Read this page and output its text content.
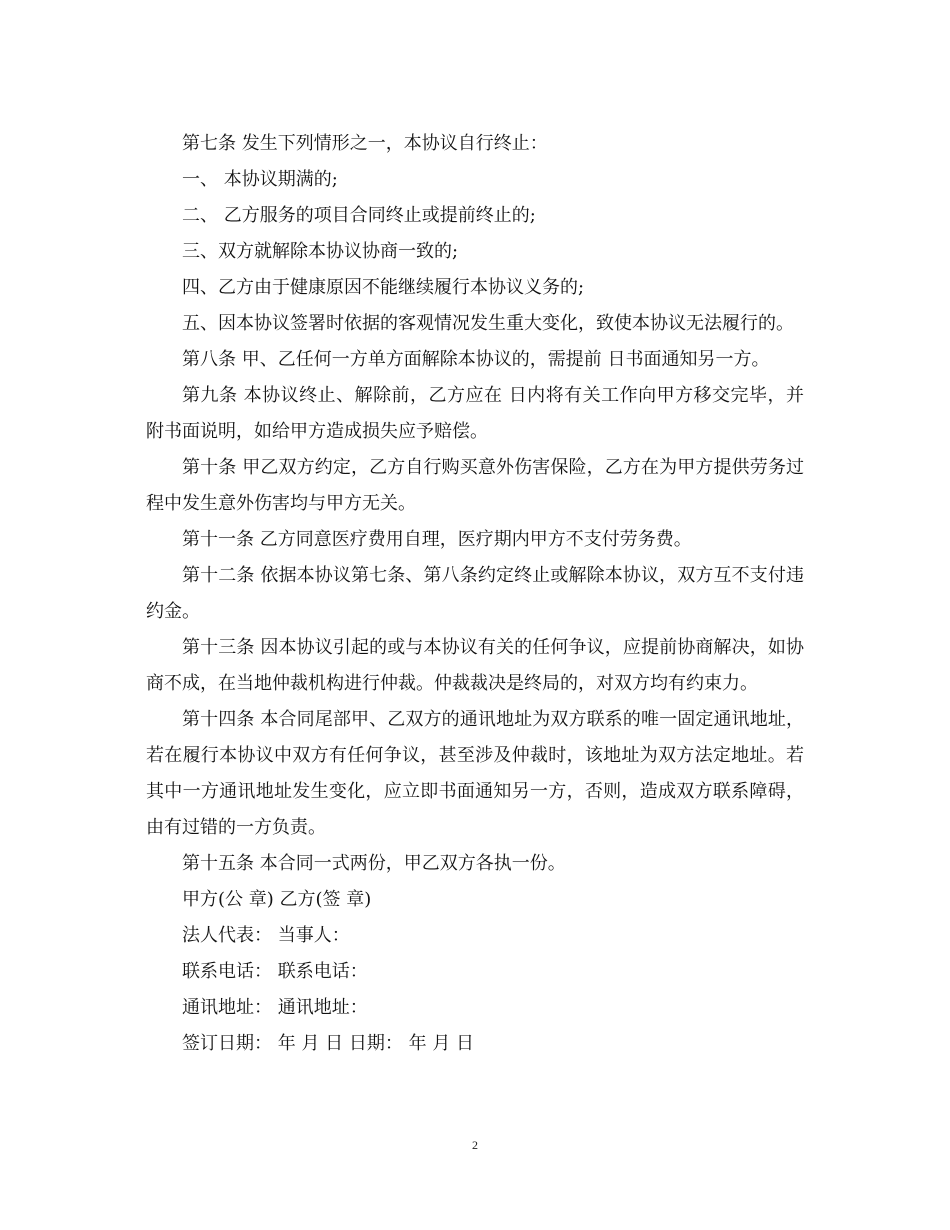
第七条 发生下列情形之一，本协议自行终止：

一、 本协议期满的;

二、 乙方服务的项目合同终止或提前终止的;

三、双方就解除本协议协商一致的;

四、乙方由于健康原因不能继续履行本协议义务的;

五、因本协议签署时依据的客观情况发生重大变化，致使本协议无法履行的。

第八条 甲、乙任何一方单方面解除本协议的，需提前 日书面通知另一方。

第九条 本协议终止、解除前，乙方应在 日内将有关工作向甲方移交完毕，并附书面说明，如给甲方造成损失应予赔偿。

第十条 甲乙双方约定，乙方自行购买意外伤害保险，乙方在为甲方提供劳务过程中发生意外伤害均与甲方无关。

第十一条 乙方同意医疗费用自理，医疗期内甲方不支付劳务费。

第十二条 依据本协议第七条、第八条约定终止或解除本协议，双方互不支付违约金。

第十三条 因本协议引起的或与本协议有关的任何争议，应提前协商解决，如协商不成，在当地仲裁机构进行仲裁。仲裁裁决是终局的，对双方均有约束力。

第十四条 本合同尾部甲、乙双方的通讯地址为双方联系的唯一固定通讯地址，若在履行本协议中双方有任何争议，甚至涉及仲裁时，该地址为双方法定地址。若其中一方通讯地址发生变化，应立即书面通知另一方，否则，造成双方联系障碍，由有过错的一方负责。

第十五条 本合同一式两份，甲乙双方各执一份。

甲方(公 章) 乙方(签 章)

法人代表： 当事人：

联系电话： 联系电话：

通讯地址： 通讯地址：

签订日期： 年 月 日 日期： 年 月 日

2
